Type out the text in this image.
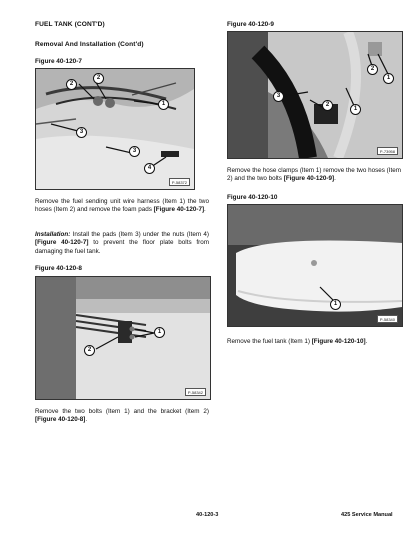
FUEL TANK (CONT'D)
Removal And Installation (Cont'd)
Figure 40-120-7
2
2
1
3
3
4
P-58372
Remove the fuel sending unit wire harness (Item 1) the two hoses (Item 2) and remove the foam pads [Figure 40-120-7].
Installation: Install the pads (Item 3) under the nuts (Item 4) [Figure 40-120-7] to prevent the floor plate bolts from damaging the fuel tank.
Figure 40-120-8
1
2
P-58342
Remove the two bolts (Item 1) and the bracket (Item 2) [Figure 40-120-8].
Figure 40-120-9
P-73958
2
1
3
2
1
Remove the hose clamps (Item 1) remove the two hoses (Item 2) and the two bolts [Figure 40-120-9].
Figure 40-120-10
1
P-58340
Remove the fuel tank (Item 1) [Figure 40-120-10].
40-120-3	425 Service Manual
